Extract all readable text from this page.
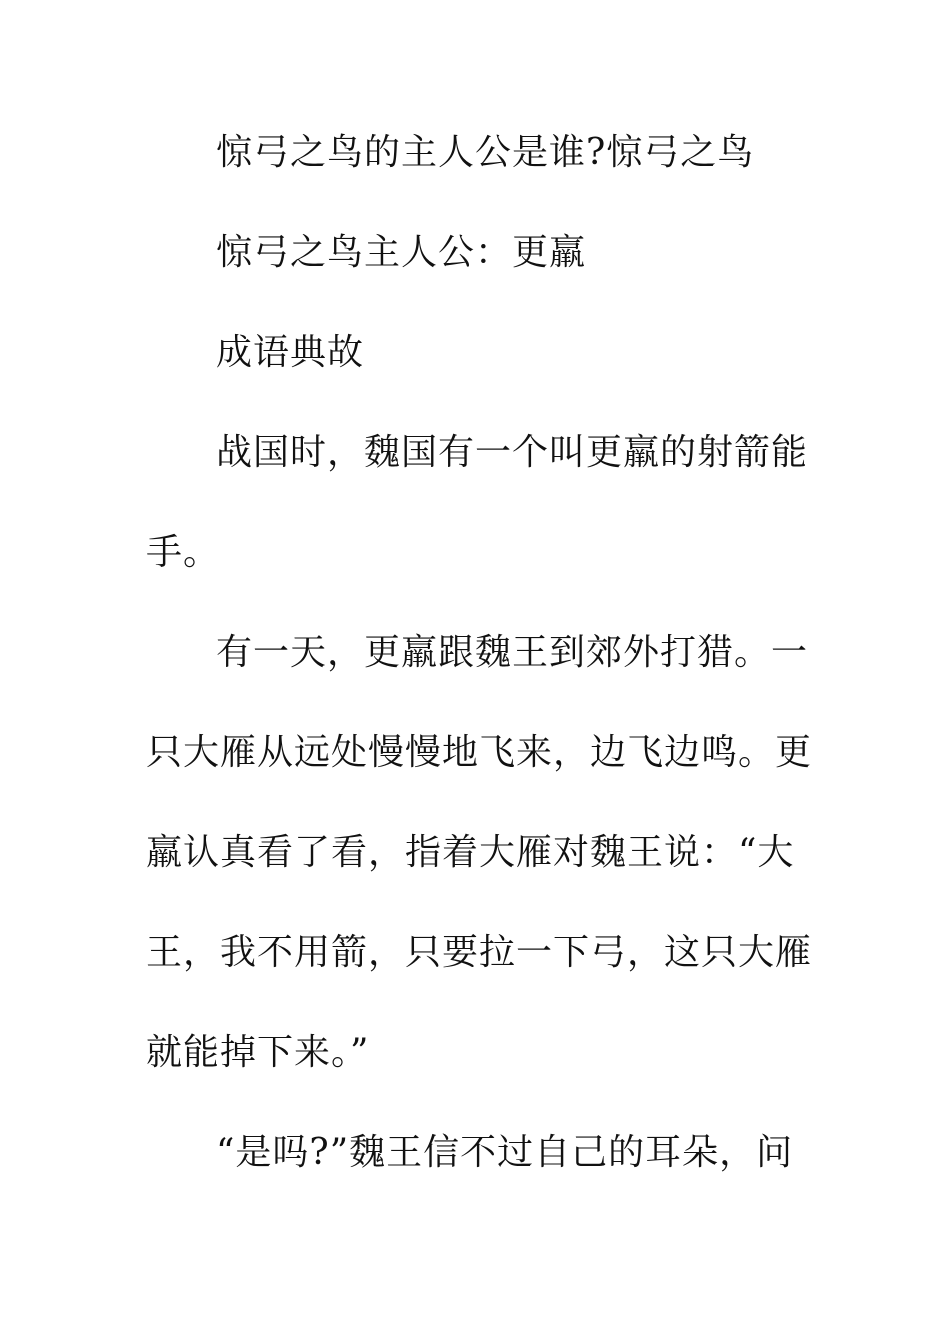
惊弓之鸟的主人公是谁?惊弓之鸟
惊弓之鸟主人公：更羸
成语典故
战国时，魏国有一个叫更羸的射箭能
手。
有一天，更羸跟魏王到郊外打猎。一
只大雁从远处慢慢地飞来，边飞边鸣。更
羸认真看了看，指着大雁对魏王说：“大
王，我不用箭，只要拉一下弓，这只大雁
就能掉下来。”
“是吗?”魏王信不过自己的耳朵，问
